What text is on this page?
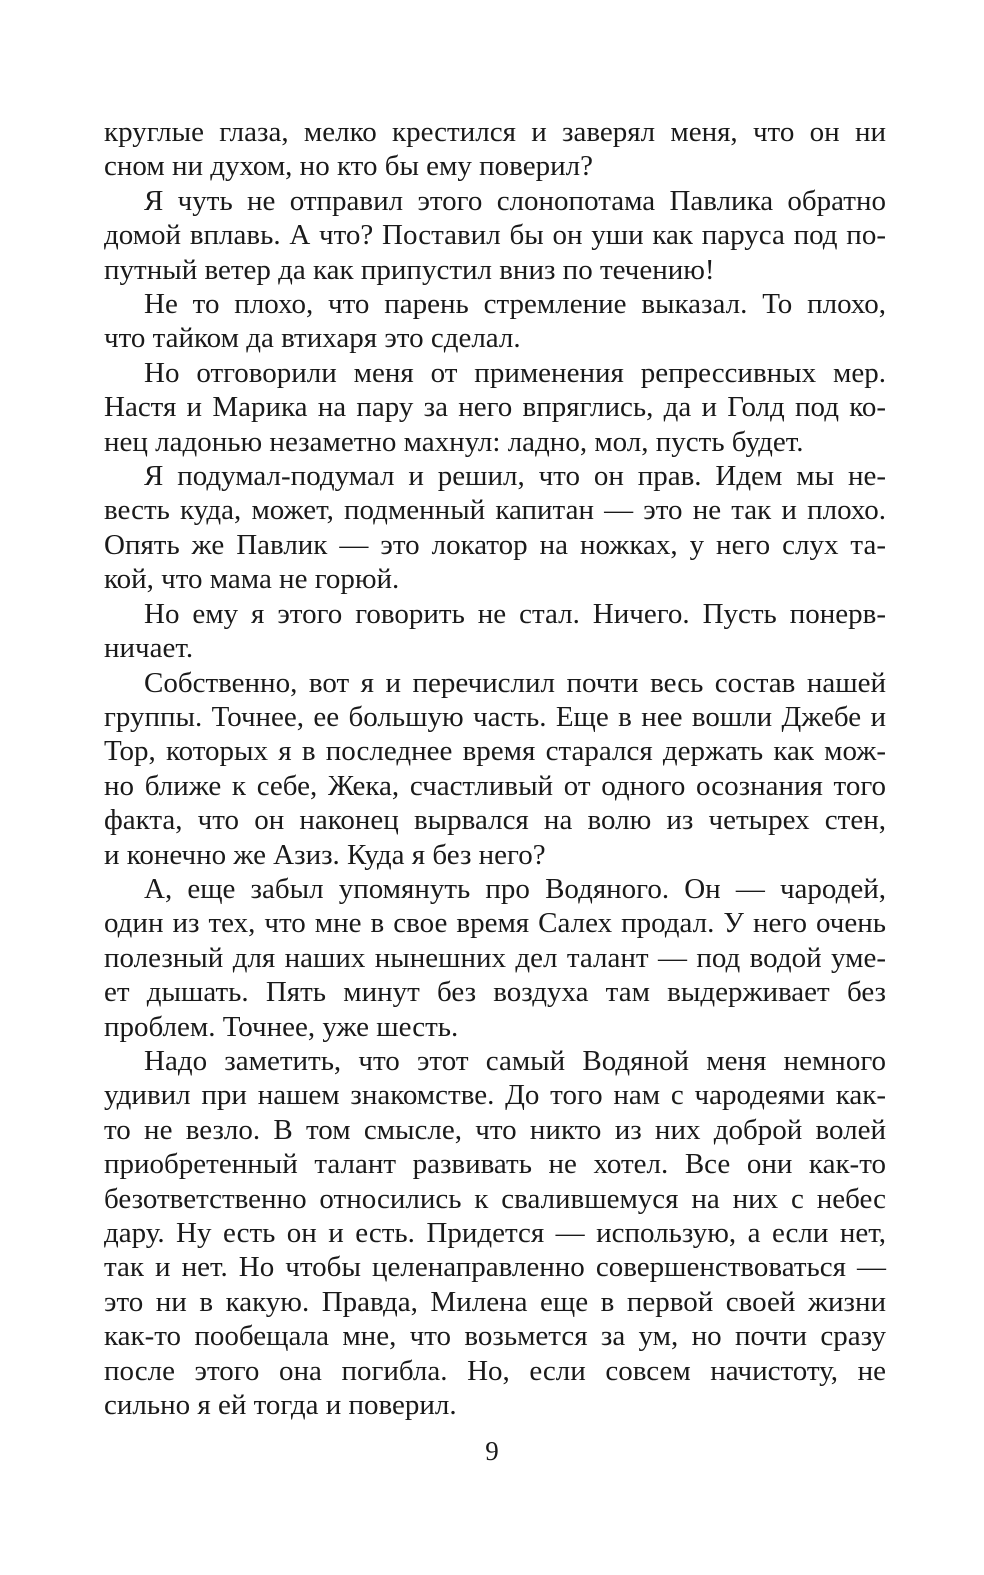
круглые глаза, мелко крестился и заверял меня, что он ни
сном ни духом, но кто бы ему поверил?
Я чуть не отправил этого слонопотама Павлика обратно
домой вплавь. А что? Поставил бы он уши как паруса под по-
путный ветер да как припустил вниз по течению!
Не то плохо, что парень стремление выказал. То плохо,
что тайком да втихаря это сделал.
Но отговорили меня от применения репрессивных мер.
Настя и Марика на пару за него впряглись, да и Голд под ко-
нец ладонью незаметно махнул: ладно, мол, пусть будет.
Я подумал-подумал и решил, что он прав. Идем мы не-
весть куда, может, подменный капитан — это не так и плохо.
Опять же Павлик — это локатор на ножках, у него слух та-
кой, что мама не горюй.
Но ему я этого говорить не стал. Ничего. Пусть понерв-
ничает.
Собственно, вот я и перечислил почти весь состав нашей
группы. Точнее, ее большую часть. Еще в нее вошли Джебе и
Тор, которых я в последнее время старался держать как мож-
но ближе к себе, Жека, счастливый от одного осознания того
факта, что он наконец вырвался на волю из четырех стен,
и конечно же Азиз. Куда я без него?
А, еще забыл упомянуть про Водяного. Он — чародей,
один из тех, что мне в свое время Салех продал. У него очень
полезный для наших нынешних дел талант — под водой уме-
ет дышать. Пять минут без воздуха там выдерживает без
проблем. Точнее, уже шесть.
Надо заметить, что этот самый Водяной меня немного
удивил при нашем знакомстве. До того нам с чародеями как-
то не везло. В том смысле, что никто из них доброй волей
приобретенный талант развивать не хотел. Все они как-то
безответственно относились к свалившемуся на них с небес
дару. Ну есть он и есть. Придется — использую, а если нет,
так и нет. Но чтобы целенаправленно совершенствоваться —
это ни в какую. Правда, Милена еще в первой своей жизни
как-то пообещала мне, что возьмется за ум, но почти сразу
после этого она погибла. Но, если совсем начистоту, не
сильно я ей тогда и поверил.
9
